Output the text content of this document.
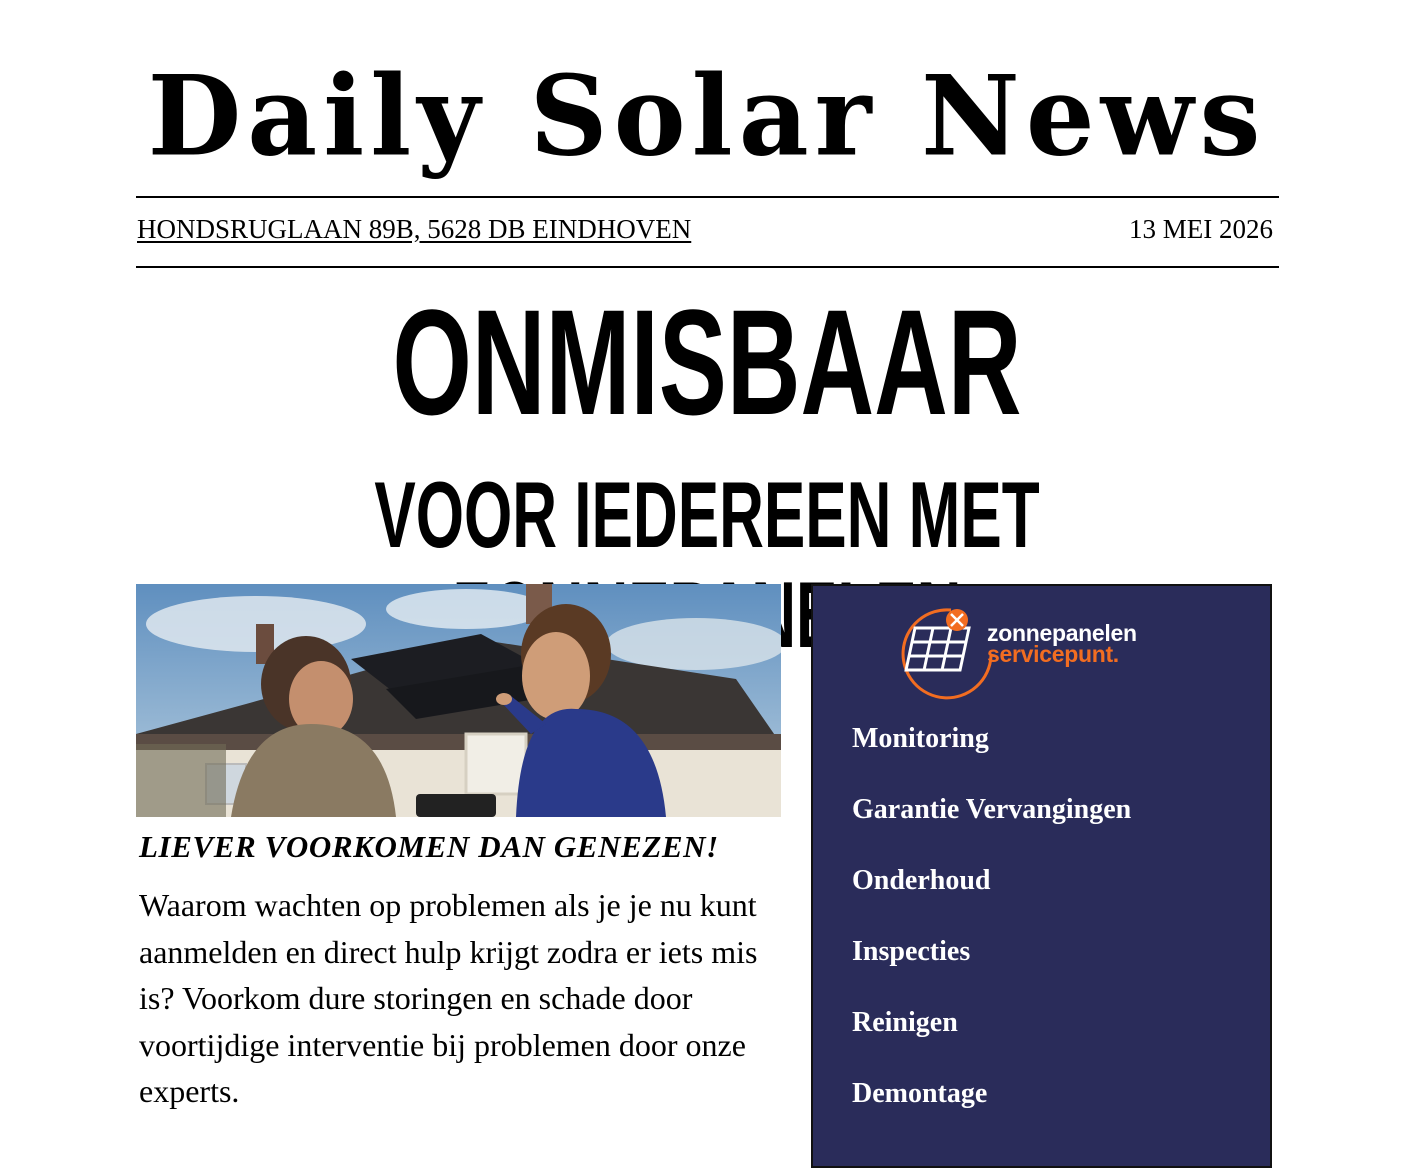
Daily Solar News
HONDSRUGLAAN 89B, 5628 DB EINDHOVEN	13 MEI 2026
ONMISBAAR
VOOR IEDEREEN MET
LIEVER VOORKOMEN DAN GENEZEN!
Waarom wachten op problemen als je je nu kunt aanmelden en direct hulp krijgt zodra er iets mis is? Voorkom dure storingen en schade door voortijdige interventie bij problemen door onze experts.
zonnepanelen
servicepunt.
Monitoring
Garantie Vervangingen
Onderhoud
Inspecties
Reinigen
Demontage
